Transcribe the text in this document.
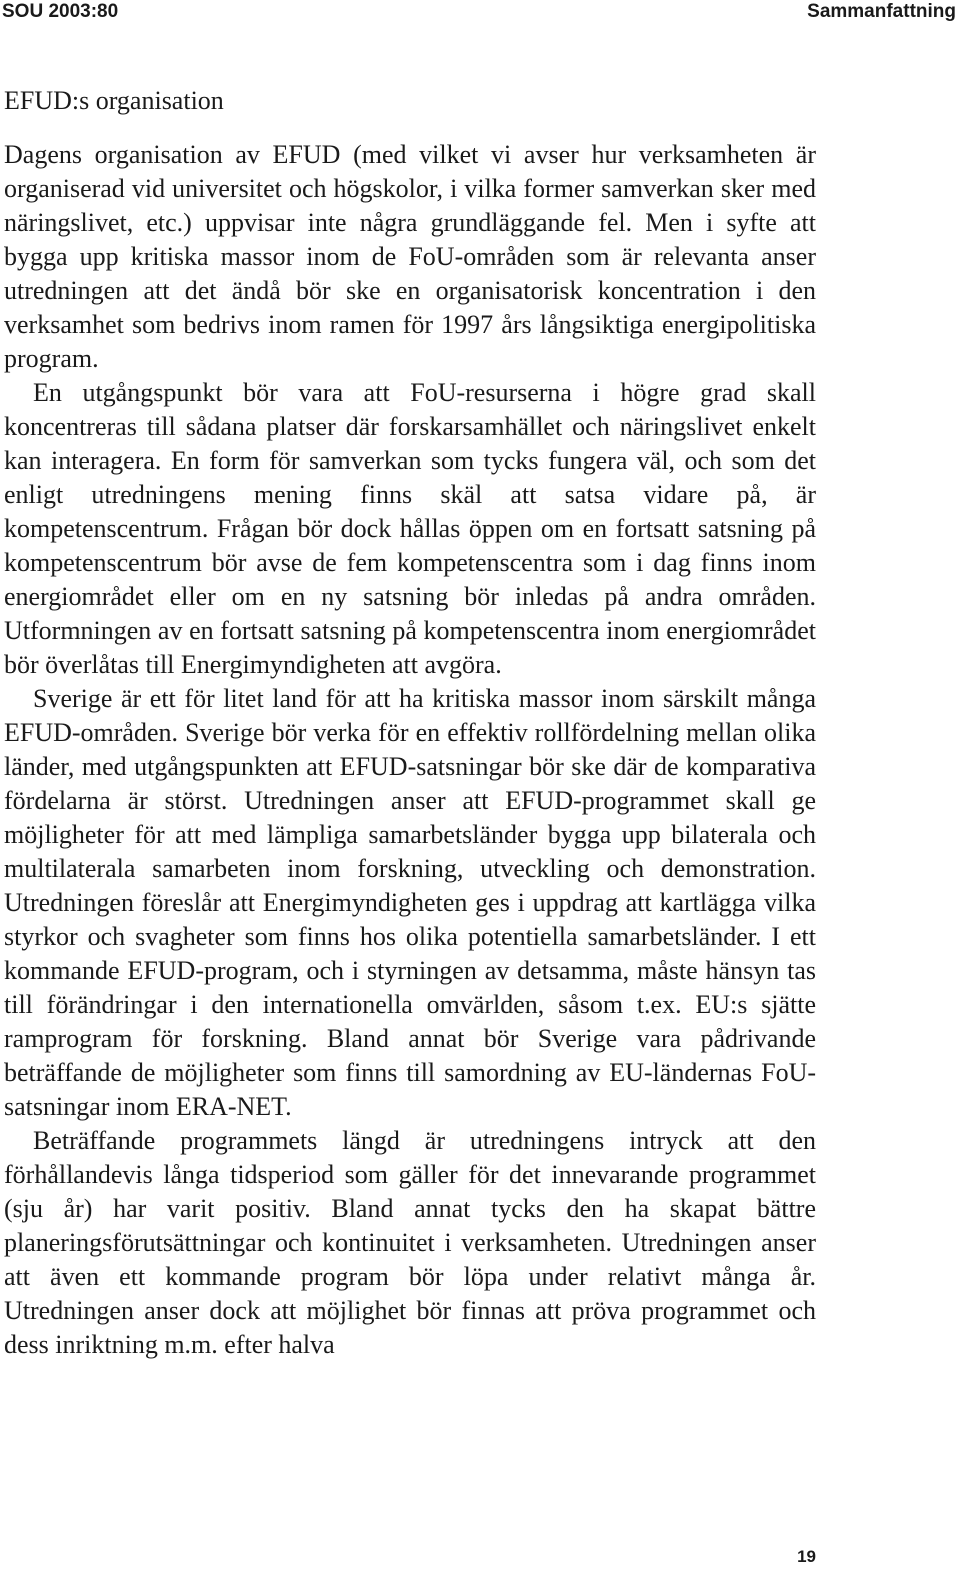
SOU 2003:80	Sammanfattning
EFUD:s organisation

Dagens organisation av EFUD (med vilket vi avser hur verksamheten är organiserad vid universitet och högskolor, i vilka former samverkan sker med näringslivet, etc.) uppvisar inte några grundläggande fel. Men i syfte att bygga upp kritiska massor inom de FoU-områden som är relevanta anser utredningen att det ändå bör ske en organisatorisk koncentration i den verksamhet som bedrivs inom ramen för 1997 års långsiktiga energipolitiska program.

En utgångspunkt bör vara att FoU-resurserna i högre grad skall koncentreras till sådana platser där forskarsamhället och näringslivet enkelt kan interagera. En form för samverkan som tycks fungera väl, och som det enligt utredningens mening finns skäl att satsa vidare på, är kompetenscentrum. Frågan bör dock hållas öppen om en fortsatt satsning på kompetenscentrum bör avse de fem kompetenscentra som i dag finns inom energiområdet eller om en ny satsning bör inledas på andra områden. Utformningen av en fortsatt satsning på kompetenscentra inom energiområdet bör överlåtas till Energimyndigheten att avgöra.

Sverige är ett för litet land för att ha kritiska massor inom särskilt många EFUD-områden. Sverige bör verka för en effektiv rollfördelning mellan olika länder, med utgångspunkten att EFUD-satsningar bör ske där de komparativa fördelarna är störst. Utredningen anser att EFUD-programmet skall ge möjligheter för att med lämpliga samarbetsländer bygga upp bilaterala och multilaterala samarbeten inom forskning, utveckling och demonstration. Utredningen föreslår att Energimyndigheten ges i uppdrag att kartlägga vilka styrkor och svagheter som finns hos olika potentiella samarbetsländer. I ett kommande EFUD-program, och i styrningen av detsamma, måste hänsyn tas till förändringar i den internationella omvärlden, såsom t.ex. EU:s sjätte ramprogram för forskning. Bland annat bör Sverige vara pådrivande beträffande de möjligheter som finns till samordning av EU-ländernas FoU-satsningar inom ERA-NET.

Beträffande programmets längd är utredningens intryck att den förhållandevis långa tidsperiod som gäller för det innevarande programmet (sju år) har varit positiv. Bland annat tycks den ha skapat bättre planeringsförutsättningar och kontinuitet i verksamheten. Utredningen anser att även ett kommande program bör löpa under relativt många år. Utredningen anser dock att möjlighet bör finnas att pröva programmet och dess inriktning m.m. efter halva

19
